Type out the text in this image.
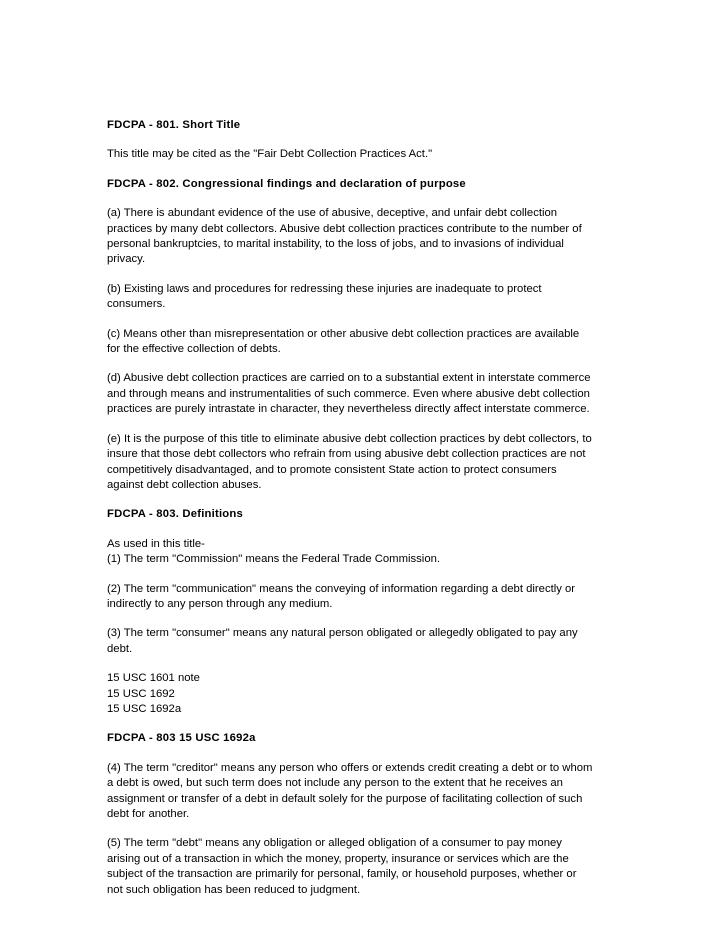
FDCPA - 801. Short Title
This title may be cited as the "Fair Debt Collection Practices Act."
FDCPA - 802. Congressional findings and declaration of purpose
(a) There is abundant evidence of the use of abusive, deceptive, and unfair debt collection
practices by many debt collectors. Abusive debt collection practices contribute to the number of
personal bankruptcies, to marital instability, to the loss of jobs, and to invasions of individual
privacy.
(b) Existing laws and procedures for redressing these injuries are inadequate to protect
consumers.
(c) Means other than misrepresentation or other abusive debt collection practices are available
for the effective collection of debts.
(d) Abusive debt collection practices are carried on to a substantial extent in interstate commerce
and through means and instrumentalities of such commerce. Even where abusive debt collection
practices are purely intrastate in character, they nevertheless directly affect interstate commerce.
(e) It is the purpose of this title to eliminate abusive debt collection practices by debt collectors, to
insure that those debt collectors who refrain from using abusive debt collection practices are not
competitively disadvantaged, and to promote consistent State action to protect consumers
against debt collection abuses.
FDCPA - 803. Definitions
As used in this title-
(1) The term "Commission" means the Federal Trade Commission.
(2) The term "communication" means the conveying of information regarding a debt directly or
indirectly to any person through any medium.
(3) The term "consumer" means any natural person obligated or allegedly obligated to pay any
debt.
15 USC 1601 note
15 USC 1692
15 USC 1692a
FDCPA - 803 15 USC 1692a
(4) The term "creditor" means any person who offers or extends credit creating a debt or to whom
a debt is owed, but such term does not include any person to the extent that he receives an
assignment or transfer of a debt in default solely for the purpose of facilitating collection of such
debt for another.
(5) The term "debt" means any obligation or alleged obligation of a consumer to pay money
arising out of a transaction in which the money, property, insurance or services which are the
subject of the transaction are primarily for personal, family, or household purposes, whether or
not such obligation has been reduced to judgment.
